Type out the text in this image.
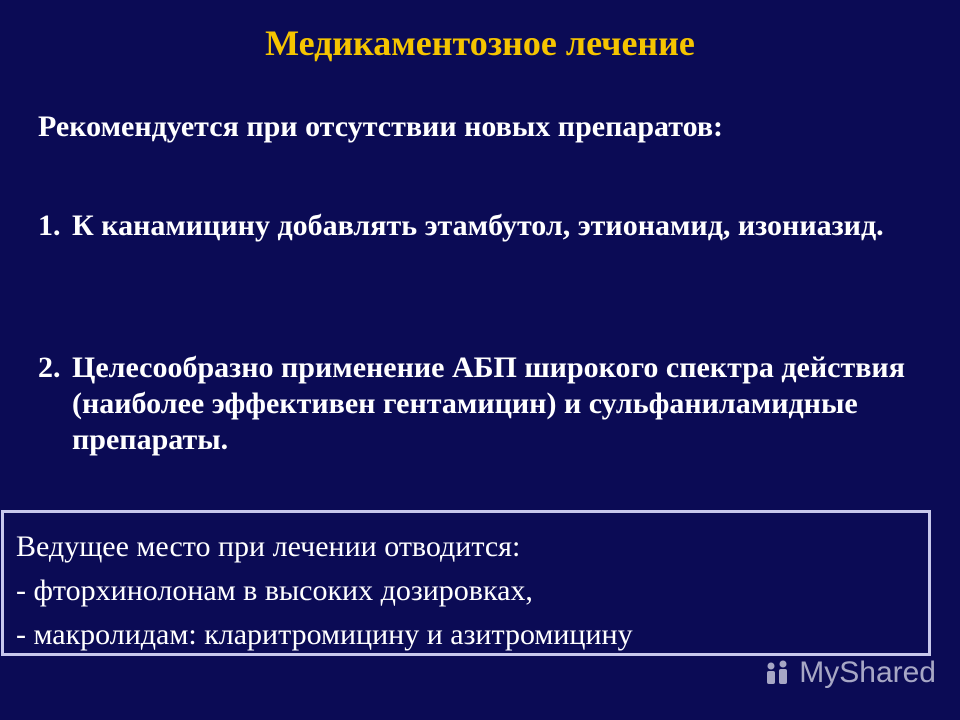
Медикаментозное лечение
Рекомендуется при отсутствии новых препаратов:
1. К канамицину добавлять этамбутол, этионамид, изониазид.
2. Целесообразно применение АБП широкого спектра действия (наиболее эффективен гентамицин) и сульфаниламидные препараты.
Ведущее место при лечении отводится:
- фторхинолонам в высоких дозировках,
- макролидам: кларитромицину и азитромицину
MyShared
